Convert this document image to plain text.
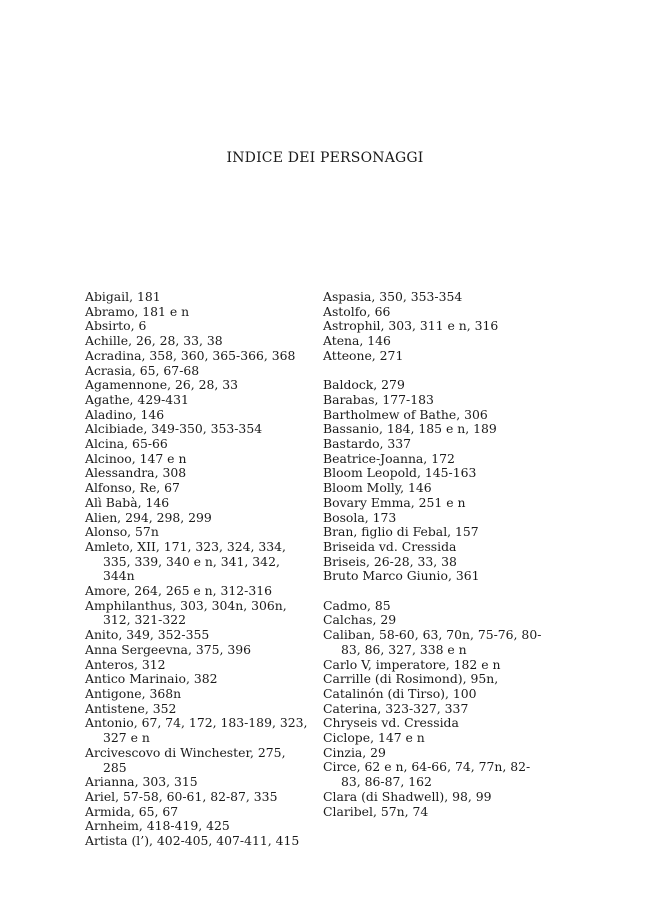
INDICE DEI PERSONAGGI
Abigail, 181
Abramo, 181 e n
Absirto, 6
Achille, 26, 28, 33, 38
Acradina, 358, 360, 365-366, 368
Acrasia, 65, 67-68
Agamennone, 26, 28, 33
Agathe, 429-431
Aladino, 146
Alcibiade, 349-350, 353-354
Alcina, 65-66
Alcinoo, 147 e n
Alessandra, 308
Alfonso, Re, 67
Alì Babà, 146
Alien, 294, 298, 299
Alonso, 57n
Amleto, XII, 171, 323, 324, 334, 335, 339, 340 e n, 341, 342, 344n
Amore, 264, 265 e n, 312-316
Amphilanthus, 303, 304n, 306n, 312, 321-322
Anito, 349, 352-355
Anna Sergeevna, 375, 396
Anteros, 312
Antico Marinaio, 382
Antigone, 368n
Antistene, 352
Antonio, 67, 74, 172, 183-189, 323, 327 e n
Arcivescovo di Winchester, 275, 285
Arianna, 303, 315
Ariel, 57-58, 60-61, 82-87, 335
Armida, 65, 67
Arnheim, 418-419, 425
Artista (l’), 402-405, 407-411, 415
Aspasia, 350, 353-354
Astolfo, 66
Astrophil, 303, 311 e n, 316
Atena, 146
Atteone, 271
Baldock, 279
Barabas, 177-183
Bartholmew of Bathe, 306
Bassanio, 184, 185 e n, 189
Bastardo, 337
Beatrice-Joanna, 172
Bloom Leopold, 145-163
Bloom Molly, 146
Bovary Emma, 251 e n
Bosola, 173
Bran, figlio di Febal, 157
Briseida vd. Cressida
Briseis, 26-28, 33, 38
Bruto Marco Giunio, 361
Cadmo, 85
Calchas, 29
Caliban, 58-60, 63, 70n, 75-76, 80-83, 86, 327, 338 e n
Carlo V, imperatore, 182 e n
Carrille (di Rosimond), 95n,
Catalinón (di Tirso), 100
Caterina, 323-327, 337
Chryseis vd. Cressida
Ciclope, 147 e n
Cinzia, 29
Circe, 62 e n, 64-66, 74, 77n, 82-83, 86-87, 162
Clara (di Shadwell), 98, 99
Claribel, 57n, 74
